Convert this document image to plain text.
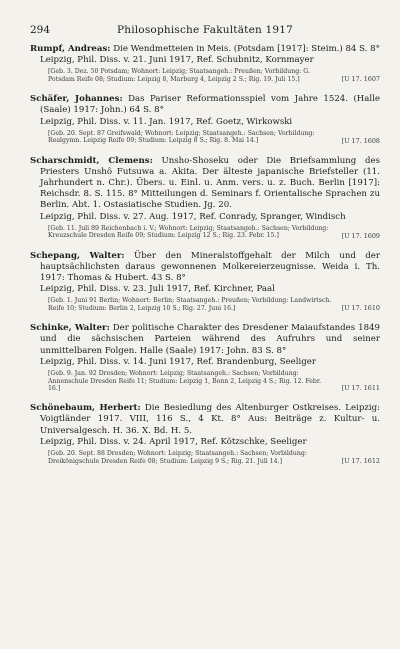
294	Philosophische Fakultäten 1917
Rumpf, Andreas: Die Wendmetteien in Meis. (Potsdam [1917]: Steim.) 84 S. 8°
Leipzig, Phil. Diss. v. 21. Juni 1917, Ref. Schubnitz, Kornmayer
[Geb. 3. Dez. 50 Potsdam; Wohnort: Leipzig; Staatsangeh.: Preußen; Vorbildung: G. Potsdam Reife 08; Studium: Leipzig 8, Marburg 4, Leipzig 2 S.; Rig. 19. Juli 15.]	[U 17. 1607
Schäfer, Johannes: Das Pariser Reformationsspiel vom Jahre 1524. (Halle (Saale) 1917: John.) 64 S. 8°
Leipzig, Phil. Diss. v. 11. Jan. 1917, Ref. Goetz, Wirkowski
[Geb. 20. Sept. 87 Greifswald; Wohnort: Leipzig; Staatsangeh.: Sachsen; Vorbildung: Realgymn. Leipzig Reife 09; Studium: Leipzig 8 S.; Rig. 8. Mai 14.]	[U 17. 1608
Scharschmidt, Clemens: Unsho-Shoseku oder Die Briefsammlung des Priesters Unshô Futsuwa a. Akita. Der älteste japanische Briefsteller (11. Jahrhundert n. Chr.). Übers. u. Einl. u. Anm. vers. u. z. Buch. Berlin [1917]: Reichsdr. 8. S. 115. 8° Mitteilungen d. Seminars f. Orientalische Sprachen zu Berlin. Abt. 1. Ostasiatische Studien. Jg. 20.
Leipzig, Phil. Diss. v. 27. Aug. 1917, Ref. Conrady, Spranger, Windisch
[Geb. 11. Juli 89 Reichenbach i. V.; Wohnort: Leipzig; Staatsangeh.: Sachsen; Vorbildung: Kreuzschule Dresden Reife 09; Studium: Leipzig 12 S.; Rig. 23. Febr. 15.]	[U 17. 1609
Schepang, Walter: Über den Mineralstoffgehalt der Milch und der hauptsächlichsten daraus gewonnenen Molkereierzeugnisse. Weida i. Th. 1917: Thomas & Hubert. 43 S. 8°
Leipzig, Phil. Diss. v. 23. Juli 1917, Ref. Kirchner, Paal
[Geb. 1. Juni 91 Berlin; Wohnort: Berlin; Staatsangeh.: Preußen; Vorbildung: Landwirtsch. Reife 10; Studium: Berlin 2, Leipzig 10 S.; Rig. 27. Juni 16.]	[U 17. 1610
Schinke, Walter: Der politische Charakter des Dresdener Maiaufstandes 1849 und die sächsischen Parteien während des Aufruhrs und seiner unmittelbaren Folgen. Halle (Saale) 1917: John. 83 S. 8°
Leipzig, Phil. Diss. v. 14. Juni 1917, Ref. Brandenburg, Seeliger
[Geb. 9. Jan. 92 Dresden; Wohnort: Leipzig; Staatsangeh.: Sachsen; Vorbildung: Annenschule Dresden Reife 11; Studium: Leipzig 1, Bonn 2, Leipzig 4 S.; Rig. 12. Febr. 16.]	[U 17. 1611
Schönebaum, Herbert: Die Besiedlung des Altenburger Ostkreises. Leipzig: Voigtländer 1917. VIII, 116 S., 4 Kt. 8° Aus: Beiträge z. Kultur- u. Universalgesch. H. 36. X. Bd. H. 5.
Leipzig, Phil. Diss. v. 24. April 1917, Ref. Kötzschke, Seeliger
[Geb. 20. Sept. 88 Dresden; Wohnort: Leipzig; Staatsangeh.: Sachsen; Vorbildung: Dreikönigschule Dresden Reife 08; Studium: Leipzig 9 S.; Rig. 21. Juli 14.]	[U 17. 1612
